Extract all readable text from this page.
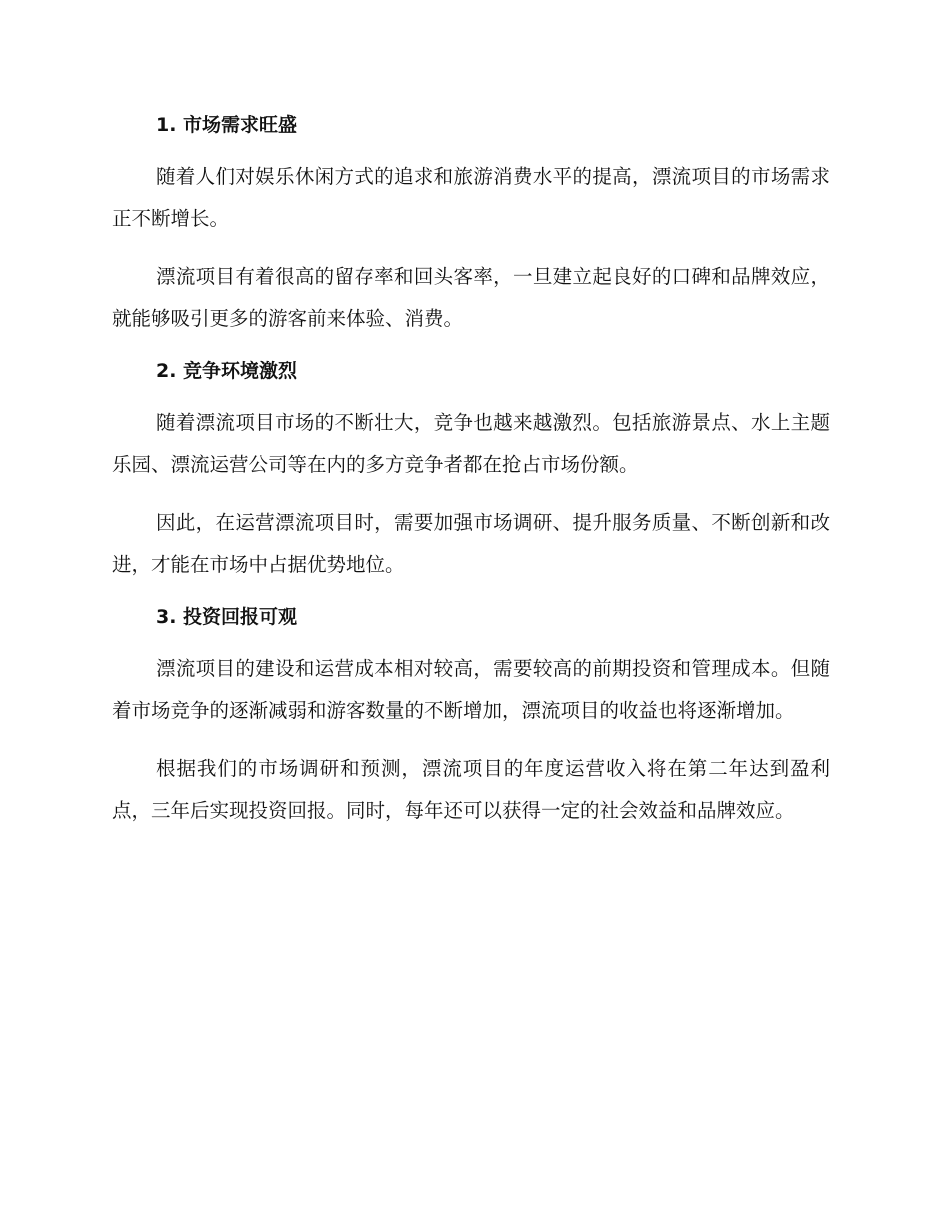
1. 市场需求旺盛

随着人们对娱乐休闲方式的追求和旅游消费水平的提高，漂流项目的市场需求正不断增长。

漂流项目有着很高的留存率和回头客率，一旦建立起良好的口碑和品牌效应，就能够吸引更多的游客前来体验、消费。

2. 竞争环境激烈

随着漂流项目市场的不断壮大，竞争也越来越激烈。包括旅游景点、水上主题乐园、漂流运营公司等在内的多方竞争者都在抢占市场份额。

因此，在运营漂流项目时，需要加强市场调研、提升服务质量、不断创新和改进，才能在市场中占据优势地位。

3. 投资回报可观

漂流项目的建设和运营成本相对较高，需要较高的前期投资和管理成本。但随着市场竞争的逐渐减弱和游客数量的不断增加，漂流项目的收益也将逐渐增加。

根据我们的市场调研和预测，漂流项目的年度运营收入将在第二年达到盈利点，三年后实现投资回报。同时，每年还可以获得一定的社会效益和品牌效应。
